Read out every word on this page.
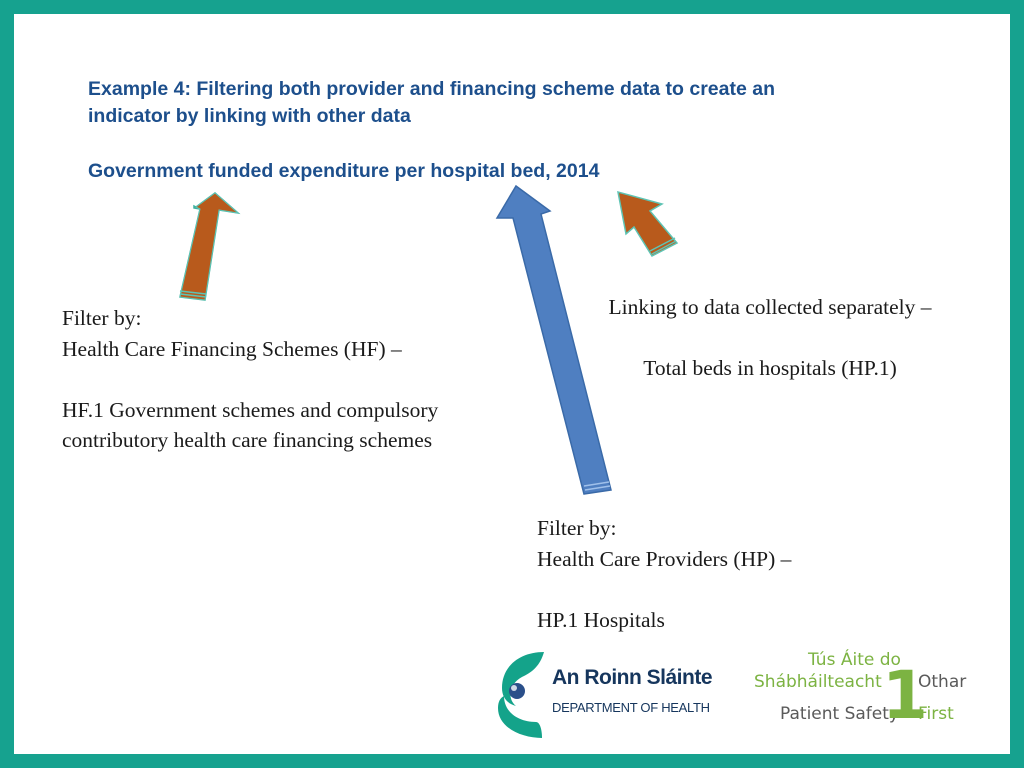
Example 4: Filtering both provider and financing scheme data to create an
indicator by linking with other data

Government funded expenditure per hospital bed, 2014

Filter by:
Health Care Financing Schemes (HF) –
HF.1 Government schemes and compulsory
contributory health care financing schemes

Linking to data collected separately –
Total beds in hospitals (HP.1)

Filter by:
Health Care Providers (HP) –
HP.1 Hospitals

An Roinn Sláinte
DEPARTMENT OF HEALTH
Tús Áite do
Shábháilteacht Othar
Patient Safety First
1
